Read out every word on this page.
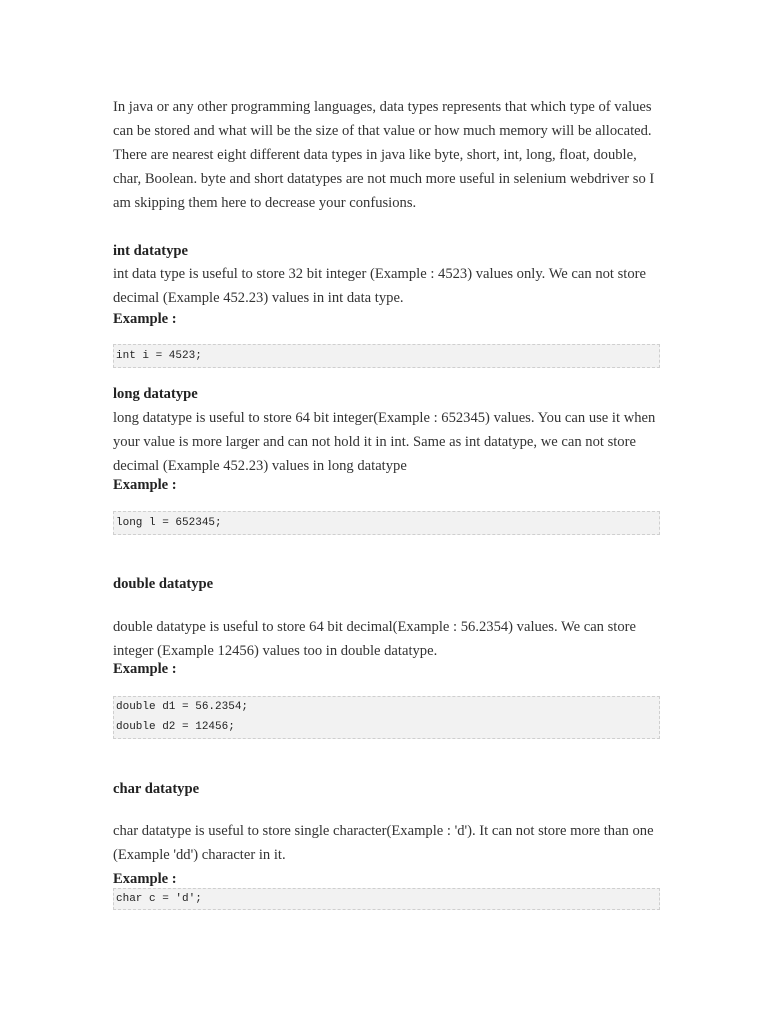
In java or any other programming languages, data types represents that which type of values can be stored and what will be the size of that value or how much memory will be allocated. There are nearest eight different data types in java like byte, short, int, long, float, double, char, Boolean. byte and short datatypes are not much more useful in selenium webdriver so I am skipping them here to decrease your confusions.

int datatype

int data type is useful to store 32 bit integer (Example : 4523) values only. We can not store decimal (Example 452.23) values in int data type.

Example :
int i = 4523;
long datatype

long datatype is useful to store 64 bit integer(Example : 652345) values. You can use it when your value is more larger and can not hold it in int. Same as int datatype, we can not store decimal (Example 452.23) values in long datatype

Example :
long l = 652345;
double datatype

double datatype is useful to store 64 bit decimal(Example : 56.2354) values. We can store integer (Example 12456) values too in double datatype.

Example :
double d1 = 56.2354;
double d2 = 12456;
char datatype

char datatype is useful to store single character(Example : 'd'). It can not store more than one (Example 'dd') character in it.

Example :
char c = 'd';
